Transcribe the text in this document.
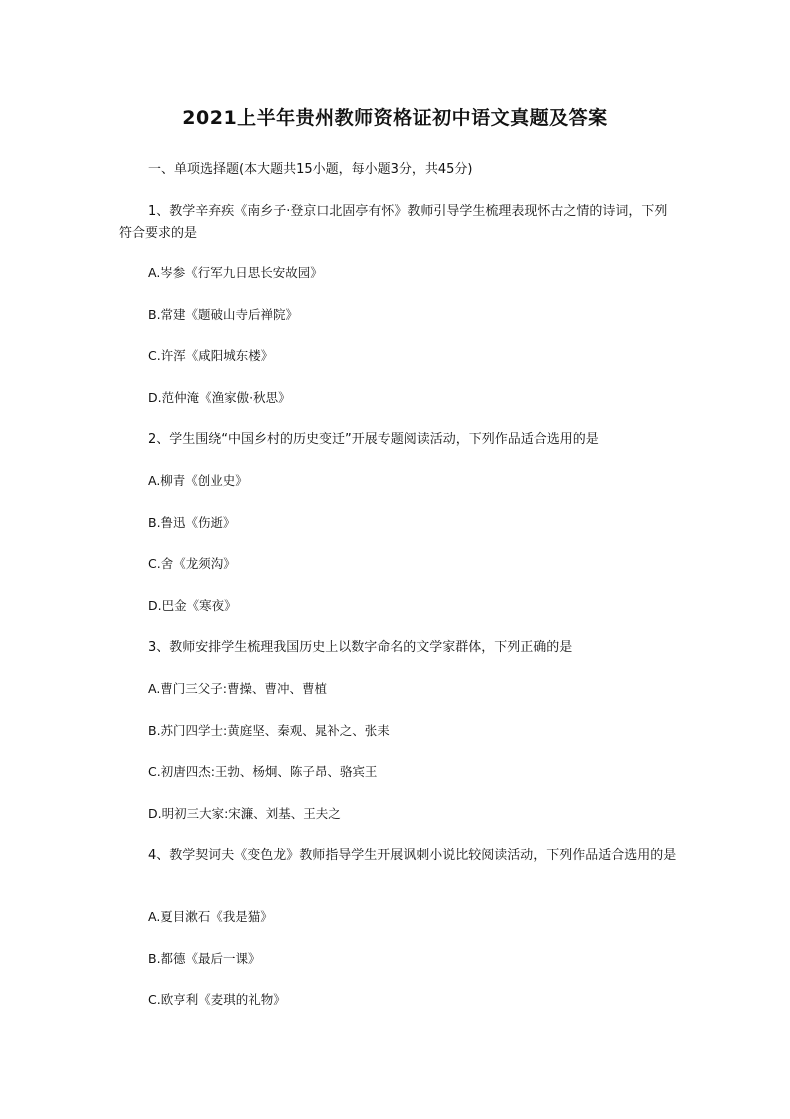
2021上半年贵州教师资格证初中语文真题及答案
一、单项选择题(本大题共15小题，每小题3分，共45分)
1、教学辛弃疾《南乡子·登京口北固亭有怀》教师引导学生梳理表现怀古之情的诗词，下列符合要求的是
A.岑参《行军九日思长安故园》
B.常建《题破山寺后禅院》
C.许浑《咸阳城东楼》
D.范仲淹《渔家傲·秋思》
2、学生围绕“中国乡村的历史变迁”开展专题阅读活动，下列作品适合选用的是
A.柳青《创业史》
B.鲁迅《伤逝》
C.舍《龙须沟》
D.巴金《寒夜》
3、教师安排学生梳理我国历史上以数字命名的文学家群体，下列正确的是
A.曹门三父子:曹操、曹冲、曹植
B.苏门四学士:黄庭坚、秦观、晁补之、张耒
C.初唐四杰:王勃、杨炯、陈子昂、骆宾王
D.明初三大家:宋濂、刘基、王夫之
4、教学契诃夫《变色龙》教师指导学生开展讽刺小说比较阅读活动，下列作品适合选用的是
A.夏目漱石《我是猫》
B.都德《最后一课》
C.欧亨利《麦琪的礼物》
